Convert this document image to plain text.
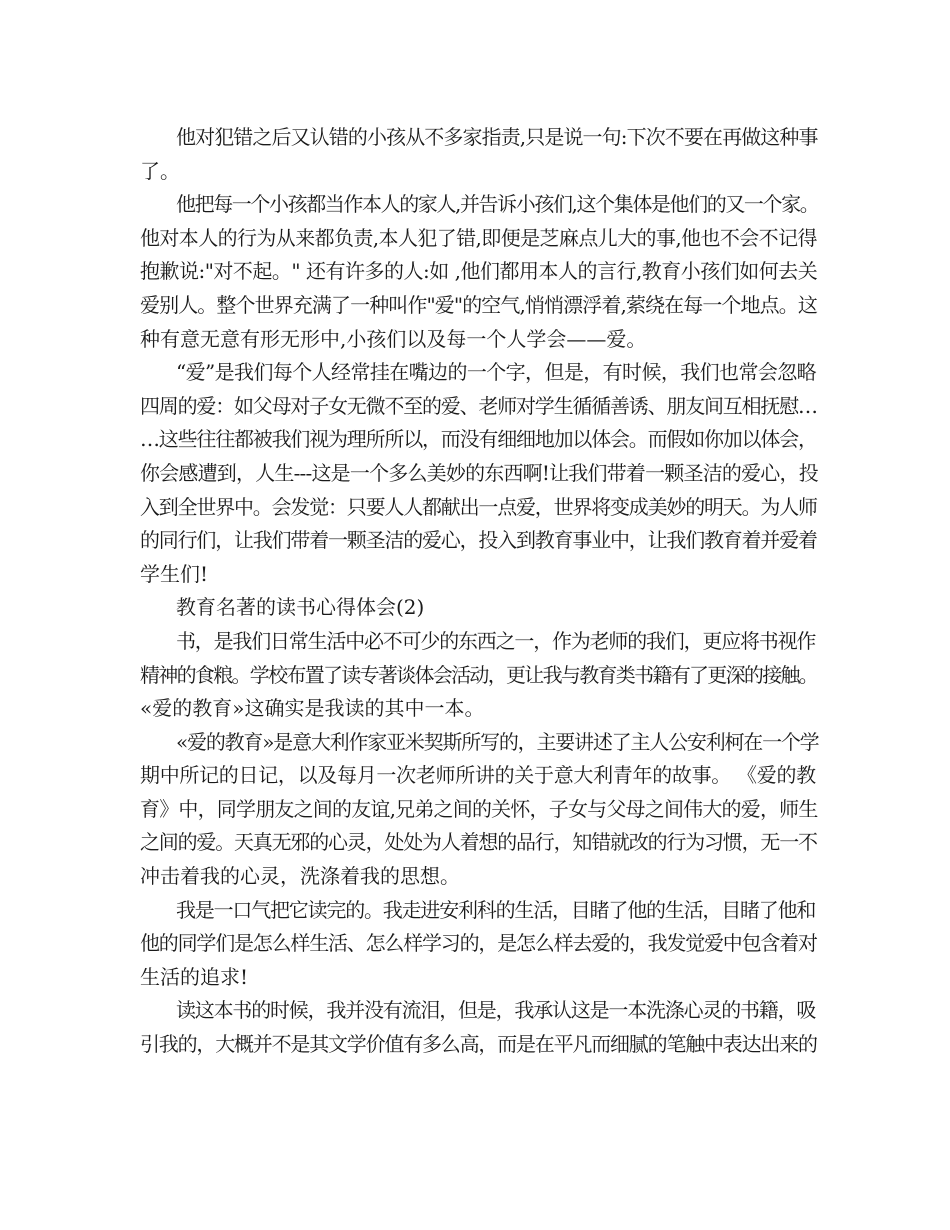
他对犯错之后又认错的小孩从不多家指责,只是说一句:下次不要在再做这种事
了。
他把每一个小孩都当作本人的家人,并告诉小孩们,这个集体是他们的又一个家。
他对本人的行为从来都负责,本人犯了错,即便是芝麻点儿大的事,他也不会不记得
抱歉说:"对不起。" 还有许多的人:如 ,他们都用本人的言行,教育小孩们如何去关
爱别人。整个世界充满了一种叫作"爱"的空气,悄悄漂浮着,萦绕在每一个地点。这
种有意无意有形无形中,小孩们以及每一个人学会——爱。
“爱”是我们每个人经常挂在嘴边的一个字，但是，有时候，我们也常会忽略
四周的爱：如父母对子女无微不至的爱、老师对学生循循善诱、朋友间互相抚慰…
…这些往往都被我们视为理所所以，而没有细细地加以体会。而假如你加以体会，
你会感遭到，人生---这是一个多么美妙的东西啊!让我们带着一颗圣洁的爱心，投
入到全世界中。会发觉：只要人人都献出一点爱，世界将变成美妙的明天。为人师
的同行们，让我们带着一颗圣洁的爱心，投入到教育事业中，让我们教育着并爱着
学生们!
教育名著的读书心得体会(2)
书，是我们日常生活中必不可少的东西之一，作为老师的我们，更应将书视作
精神的食粮。学校布置了读专著谈体会活动，更让我与教育类书籍有了更深的接触。
«爱的教育»这确实是我读的其中一本。
«爱的教育»是意大利作家亚米契斯所写的，主要讲述了主人公安利柯在一个学
期中所记的日记，以及每月一次老师所讲的关于意大利青年的故事。 《爱的教
育》中，同学朋友之间的友谊,兄弟之间的关怀，子女与父母之间伟大的爱，师生
之间的爱。天真无邪的心灵，处处为人着想的品行，知错就改的行为习惯，无一不
冲击着我的心灵，洗涤着我的思想。
我是一口气把它读完的。我走进安利科的生活，目睹了他的生活，目睹了他和
他的同学们是怎么样生活、怎么样学习的，是怎么样去爱的，我发觉爱中包含着对
生活的追求!
读这本书的时候，我并没有流泪，但是，我承认这是一本洗涤心灵的书籍，吸
引我的，大概并不是其文学价值有多么高，而是在平凡而细腻的笔触中表达出来的
